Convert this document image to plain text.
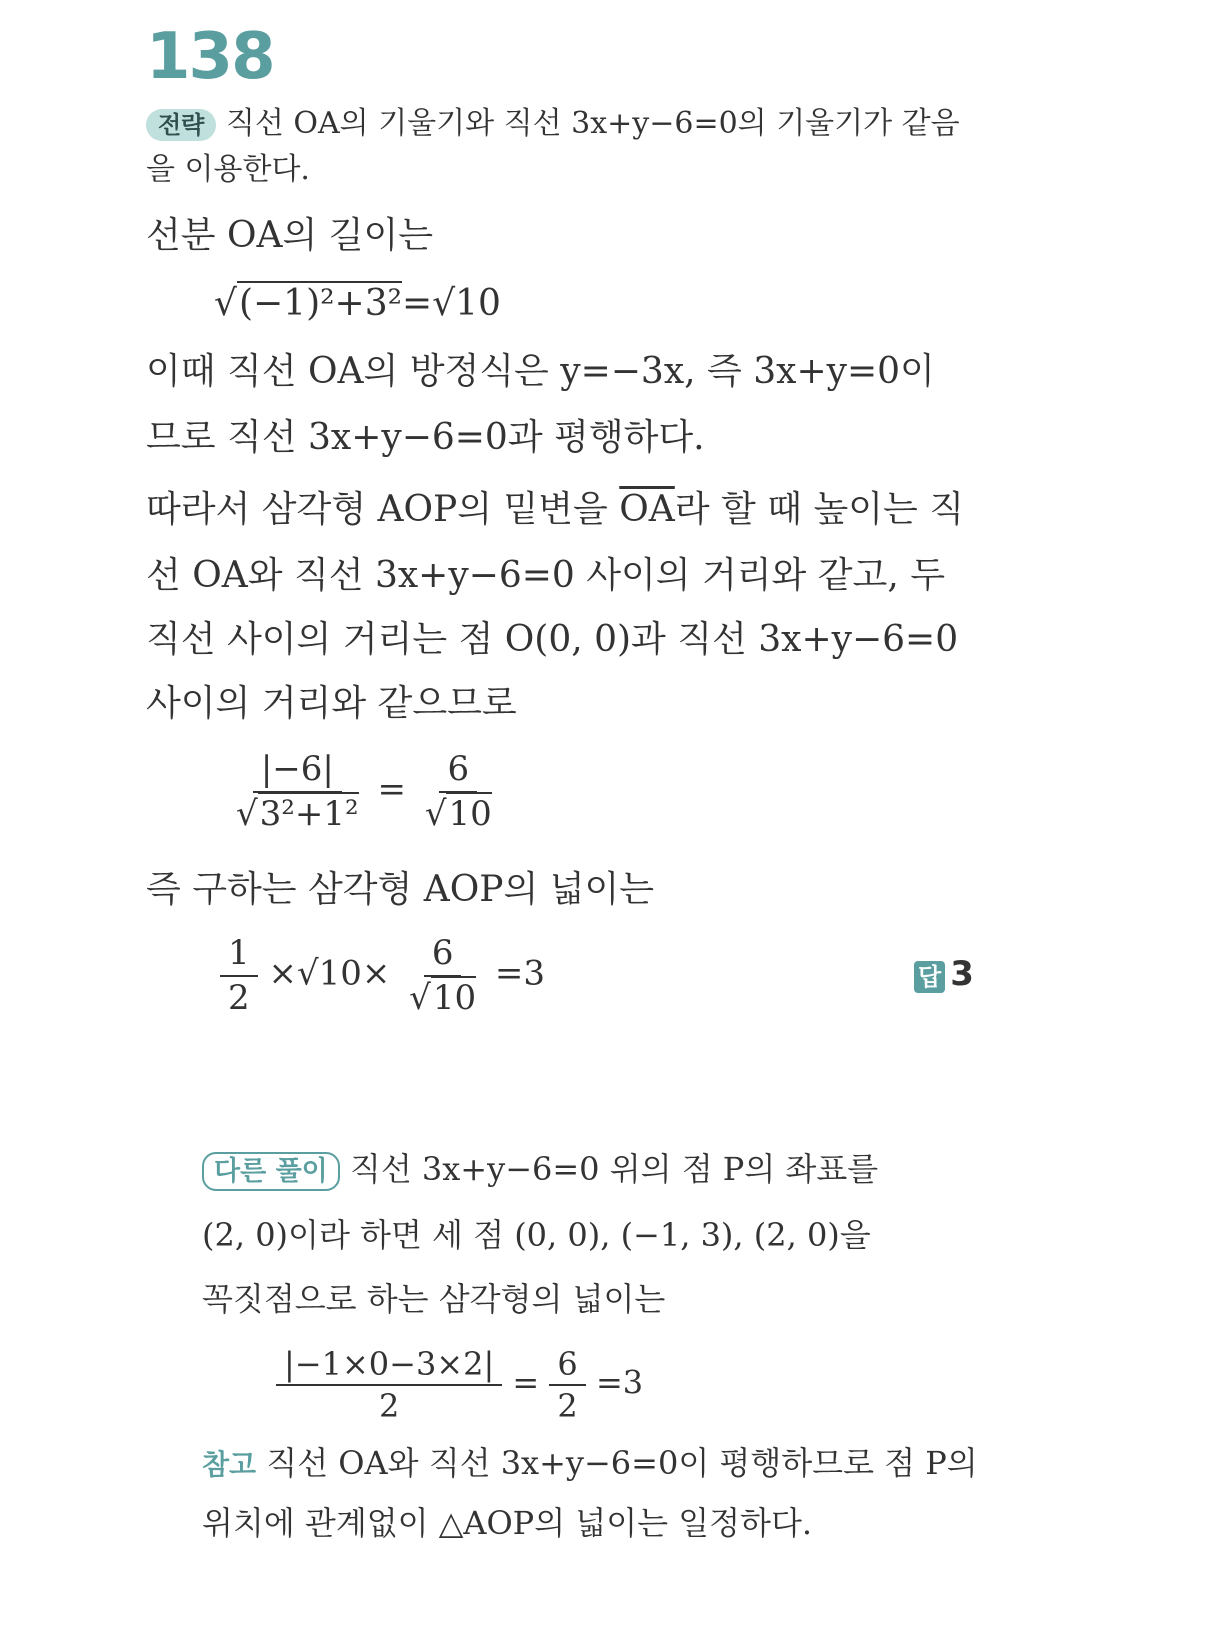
138
전략 직선 OA의 기울기와 직선 3x+y−6=0의 기울기가 같음
을 이용한다.
선분 OA의 길이는
√(−1)²+3²=√10
이때 직선 OA의 방정식은 y=−3x, 즉 3x+y=0이
므로 직선 3x+y−6=0과 평행하다.
따라서 삼각형 AOP의 밑변을 $\overline{OA}$라 할 때 높이는 직
선 OA와 직선 3x+y−6=0 사이의 거리와 같고, 두
직선 사이의 거리는 점 O(0, 0)과 직선 3x+y−6=0
사이의 거리와 같으므로
$\frac{|-6|}{\text{√3²+1²}} = \frac{6}{√10}$
즉 구하는 삼각형 AOP의 넓이는
$\frac{1}{2} \times√10\times \frac{6}{√10} =3$	답 3
다른 풀이 직선 3x+y−6=0 위의 점 P의 좌표를
(2, 0)이라 하면 세 점 (0, 0), (−1, 3), (2, 0)을
꼭짓점으로 하는 삼각형의 넓이는
$\frac{|-1\times 0-3\times 2|}{2} = \frac{6}{2} =3$
참고 직선 OA와 직선 3x+y−6=0이 평행하므로 점 P의
위치에 관계없이 △AOP의 넓이는 일정하다.
